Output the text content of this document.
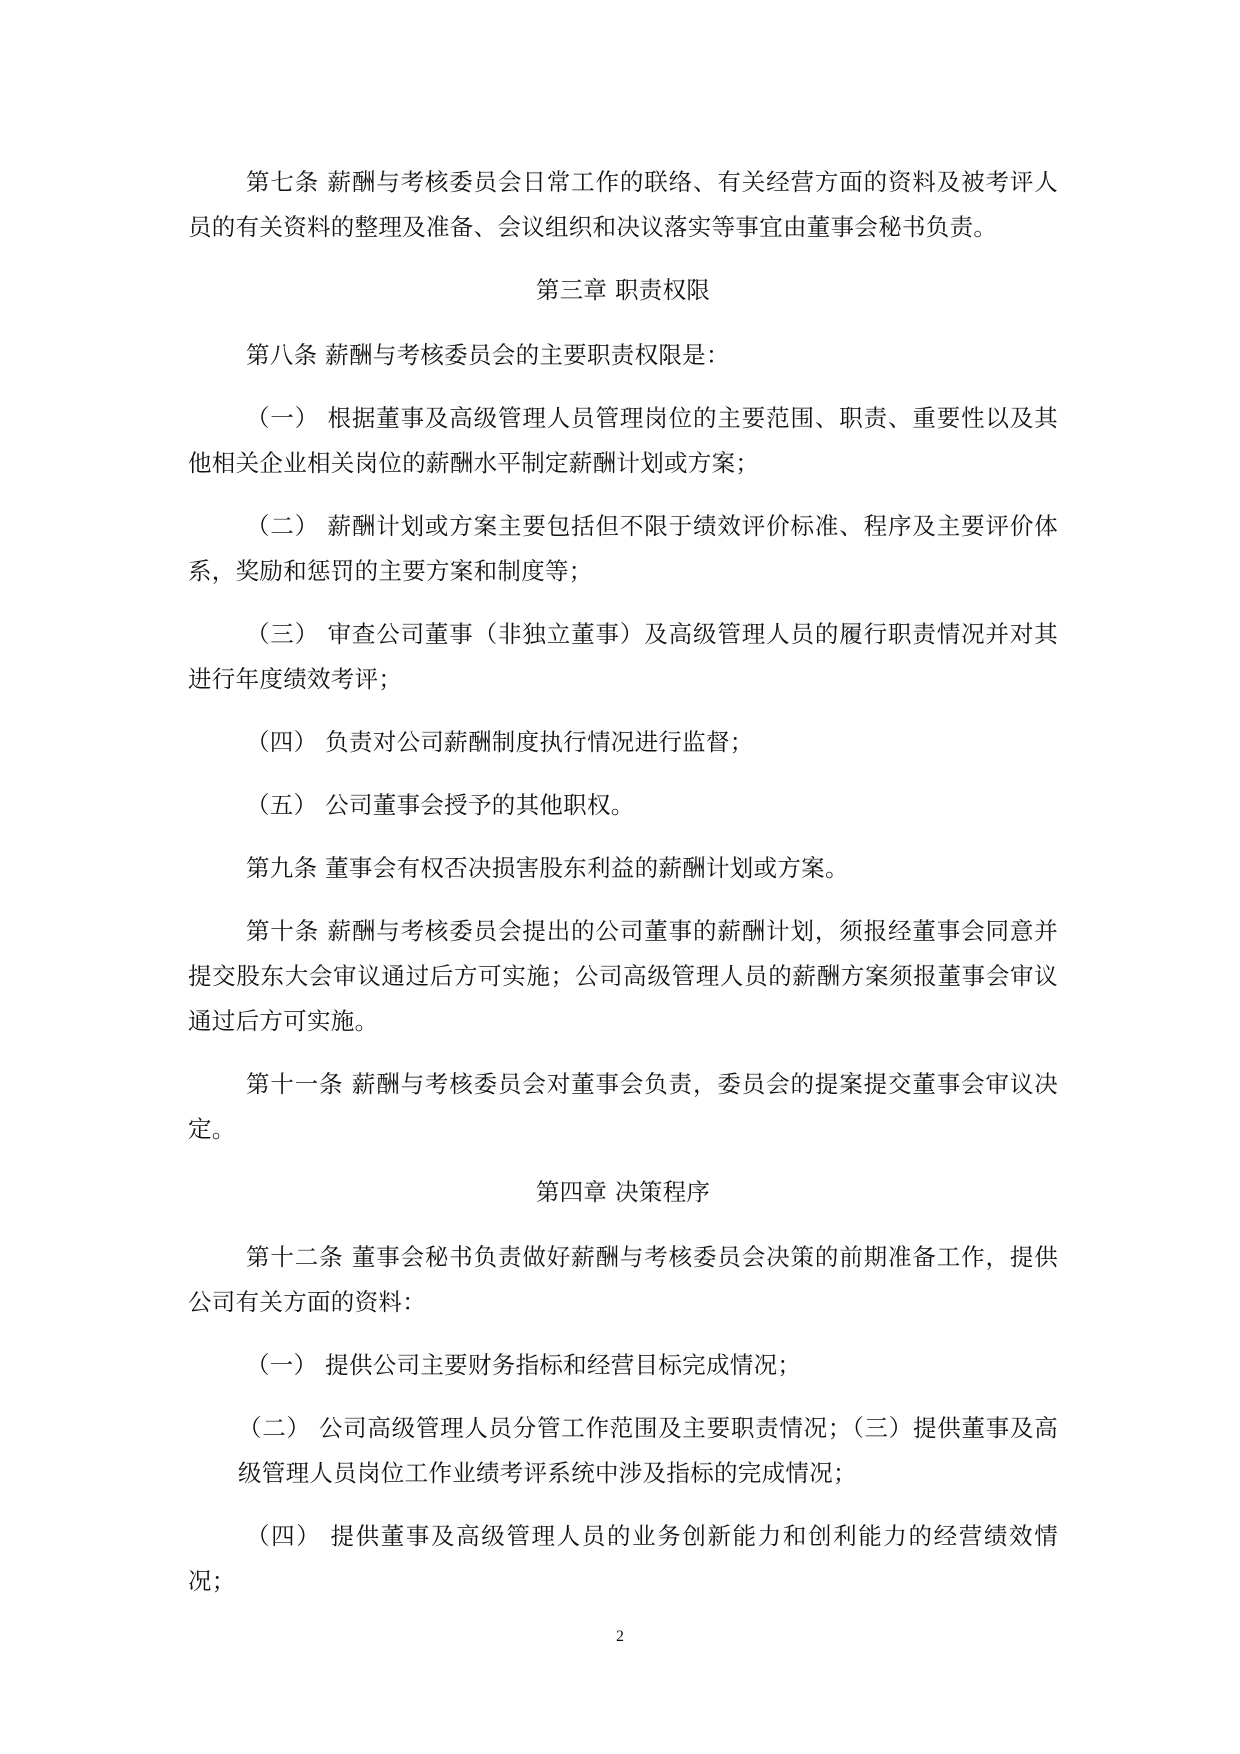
第七条 薪酬与考核委员会日常工作的联络、有关经营方面的资料及被考评人员的有关资料的整理及准备、会议组织和决议落实等事宜由董事会秘书负责。

第三章 职责权限

第八条 薪酬与考核委员会的主要职责权限是：

（一） 根据董事及高级管理人员管理岗位的主要范围、职责、重要性以及其他相关企业相关岗位的薪酬水平制定薪酬计划或方案；

（二） 薪酬计划或方案主要包括但不限于绩效评价标准、程序及主要评价体系，奖励和惩罚的主要方案和制度等；

（三） 审查公司董事（非独立董事）及高级管理人员的履行职责情况并对其进行年度绩效考评；

（四） 负责对公司薪酬制度执行情况进行监督；

（五） 公司董事会授予的其他职权。

第九条 董事会有权否决损害股东利益的薪酬计划或方案。

第十条 薪酬与考核委员会提出的公司董事的薪酬计划，须报经董事会同意并提交股东大会审议通过后方可实施；公司高级管理人员的薪酬方案须报董事会审议通过后方可实施。

第十一条 薪酬与考核委员会对董事会负责，委员会的提案提交董事会审议决定。

第四章 决策程序

第十二条 董事会秘书负责做好薪酬与考核委员会决策的前期准备工作，提供公司有关方面的资料：

（一） 提供公司主要财务指标和经营目标完成情况；

（二） 公司高级管理人员分管工作范围及主要职责情况；（三）提供董事及高级管理人员岗位工作业绩考评系统中涉及指标的完成情况；

（四） 提供董事及高级管理人员的业务创新能力和创利能力的经营绩效情况；

2
